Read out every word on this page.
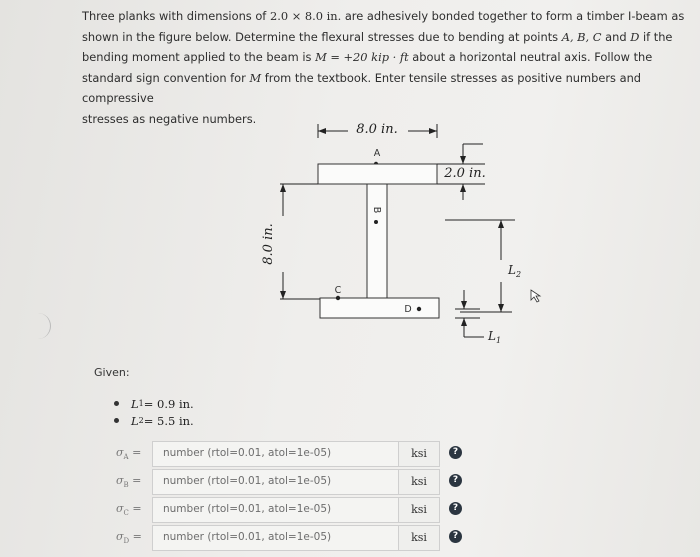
Three planks with dimensions of 2.0 × 8.0 in. are adhesively bonded together to form a timber I-beam as
shown in the figure below. Determine the flexural stresses due to bending at points A, B, C and D if the
bending moment applied to the beam is M = +20 kip · ft about a horizontal neutral axis. Follow the
standard sign convention for M from the textbook. Enter tensile stresses as positive numbers and compressive
stresses as negative numbers.
8.0 in.
A
B
C
D
8.0 in.
2.0 in.
$L_2$
$L_1$
Given:
L 1 = 0.9 in.
L 2 = 5.5 in.
$\sigma_A$ =	number (rtol=0.01, atol=1e-05)	ksi	?
$\sigma_B$ =	number (rtol=0.01, atol=1e-05)	ksi	?
$\sigma_C$ =	number (rtol=0.01, atol=1e-05)	ksi	?
$\sigma_D$ =	number (rtol=0.01, atol=1e-05)	ksi	?
